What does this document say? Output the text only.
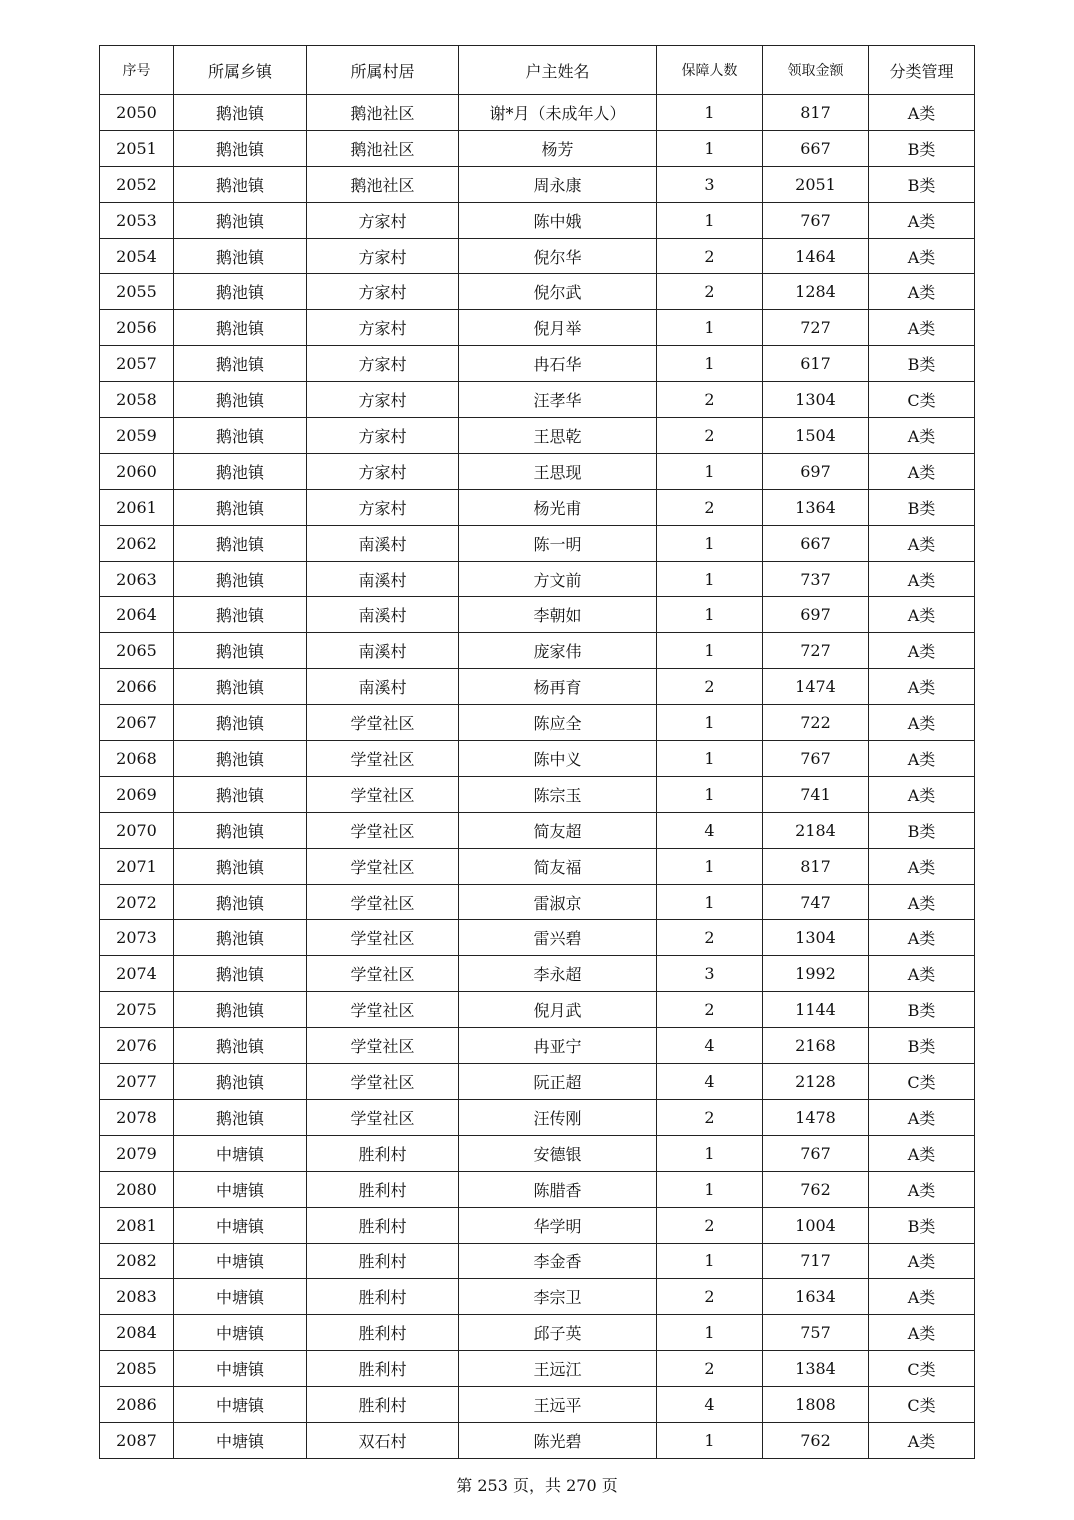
序号	所属乡镇	所属村居	户主姓名	保障人数	领取金额	分类管理
2050	鹅池镇	鹅池社区	谢*月（未成年人）	1	817	A类
2051	鹅池镇	鹅池社区	杨芳	1	667	B类
2052	鹅池镇	鹅池社区	周永康	3	2051	B类
2053	鹅池镇	方家村	陈中娥	1	767	A类
2054	鹅池镇	方家村	倪尔华	2	1464	A类
2055	鹅池镇	方家村	倪尔武	2	1284	A类
2056	鹅池镇	方家村	倪月举	1	727	A类
2057	鹅池镇	方家村	冉石华	1	617	B类
2058	鹅池镇	方家村	汪孝华	2	1304	C类
2059	鹅池镇	方家村	王思乾	2	1504	A类
2060	鹅池镇	方家村	王思现	1	697	A类
2061	鹅池镇	方家村	杨光甫	2	1364	B类
2062	鹅池镇	南溪村	陈一明	1	667	A类
2063	鹅池镇	南溪村	方文前	1	737	A类
2064	鹅池镇	南溪村	李朝如	1	697	A类
2065	鹅池镇	南溪村	庞家伟	1	727	A类
2066	鹅池镇	南溪村	杨再育	2	1474	A类
2067	鹅池镇	学堂社区	陈应全	1	722	A类
2068	鹅池镇	学堂社区	陈中义	1	767	A类
2069	鹅池镇	学堂社区	陈宗玉	1	741	A类
2070	鹅池镇	学堂社区	简友超	4	2184	B类
2071	鹅池镇	学堂社区	简友福	1	817	A类
2072	鹅池镇	学堂社区	雷淑京	1	747	A类
2073	鹅池镇	学堂社区	雷兴碧	2	1304	A类
2074	鹅池镇	学堂社区	李永超	3	1992	A类
2075	鹅池镇	学堂社区	倪月武	2	1144	B类
2076	鹅池镇	学堂社区	冉亚宁	4	2168	B类
2077	鹅池镇	学堂社区	阮正超	4	2128	C类
2078	鹅池镇	学堂社区	汪传刚	2	1478	A类
2079	中塘镇	胜利村	安德银	1	767	A类
2080	中塘镇	胜利村	陈腊香	1	762	A类
2081	中塘镇	胜利村	华学明	2	1004	B类
2082	中塘镇	胜利村	李金香	1	717	A类
2083	中塘镇	胜利村	李宗卫	2	1634	A类
2084	中塘镇	胜利村	邱子英	1	757	A类
2085	中塘镇	胜利村	王远江	2	1384	C类
2086	中塘镇	胜利村	王远平	4	1808	C类
2087	中塘镇	双石村	陈光碧	1	762	A类
第 253 页，共 270 页
